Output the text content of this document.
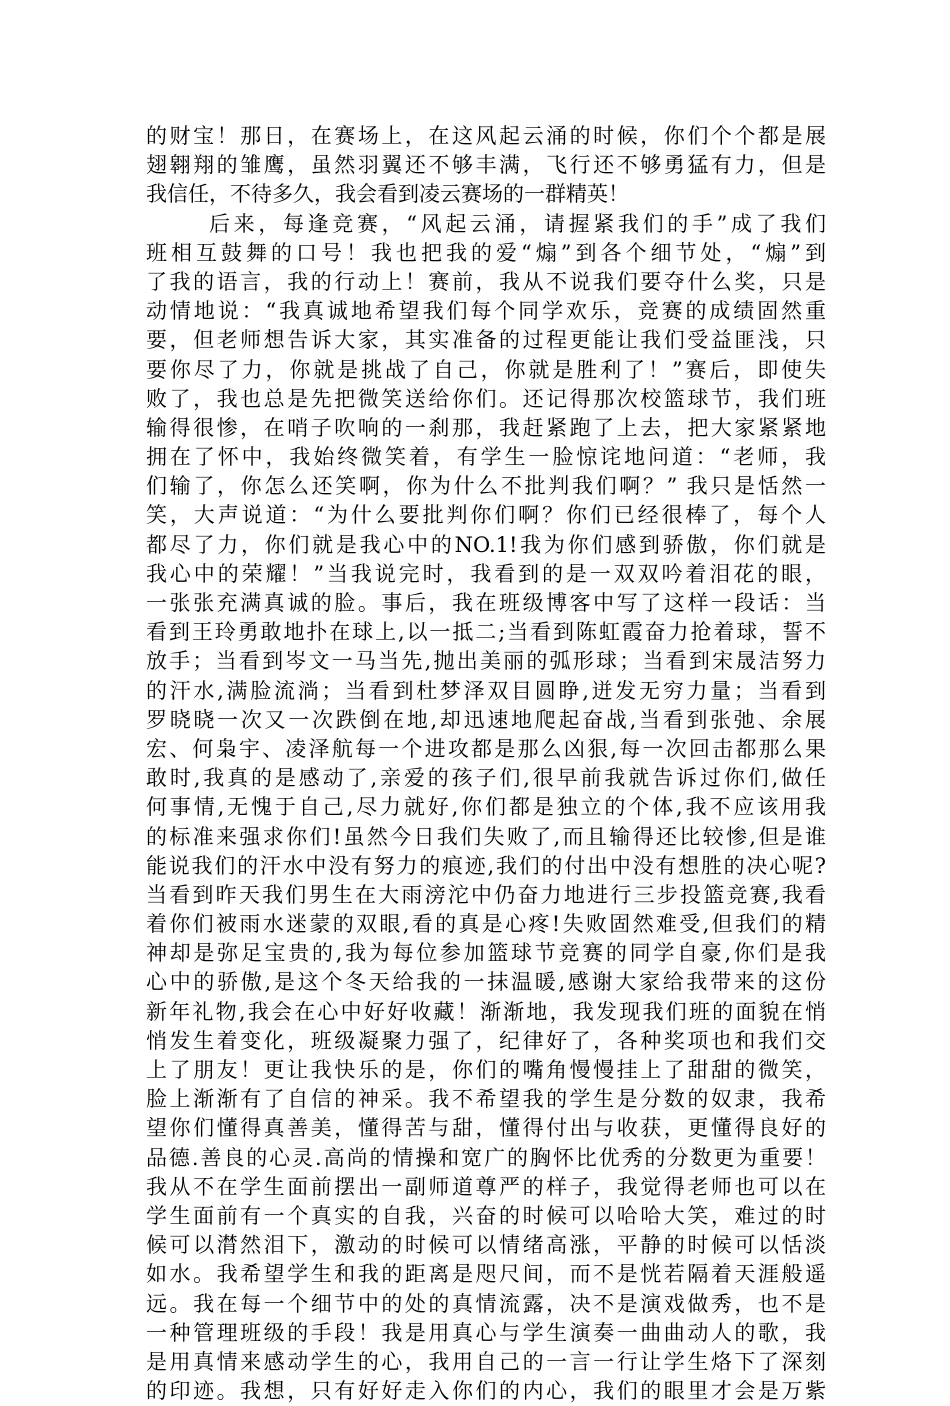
的财宝！那日，在赛场上，在这风起云涌的时候，你们个个都是展
翅翱翔的雏鹰，虽然羽翼还不够丰满，飞行还不够勇猛有力，但是
我信任，不待多久，我会看到凌云赛场的一群精英！
后来，每逢竞赛，“风起云涌，请握紧我们的手”成了我们
班相互鼓舞的口号！我也把我的爱“煽”到各个细节处，“煽”到
了我的语言，我的行动上！赛前，我从不说我们要夺什么奖，只是
动情地说：“我真诚地希望我们每个同学欢乐，竞赛的成绩固然重
要，但老师想告诉大家，其实准备的过程更能让我们受益匪浅，只
要你尽了力，你就是挑战了自己，你就是胜利了！”赛后，即使失
败了，我也总是先把微笑送给你们。还记得那次校篮球节，我们班
输得很惨，在哨子吹响的一刹那，我赶紧跑了上去，把大家紧紧地
拥在了怀中，我始终微笑着，有学生一脸惊诧地问道：“老师，我
们输了，你怎么还笑啊，你为什么不批判我们啊？” 我只是恬然一
笑，大声说道：“为什么要批判你们啊？你们已经很棒了，每个人
都尽了力，你们就是我心中的NO.1!我为你们感到骄傲，你们就是
我心中的荣耀！”当我说完时，我看到的是一双双吟着泪花的眼，
一张张充满真诚的脸。事后，我在班级博客中写了这样一段话：当
看到王玲勇敢地扑在球上,以一抵二;当看到陈虹霞奋力抢着球，誓不
放手；当看到岑文一马当先,抛出美丽的弧形球；当看到宋晟洁努力
的汗水,满脸流淌；当看到杜梦泽双目圆睁,迸发无穷力量；当看到
罗晓晓一次又一次跌倒在地,却迅速地爬起奋战,当看到张弛、余展
宏、何枭宇、凌泽航每一个进攻都是那么凶狠,每一次回击都那么果
敢时,我真的是感动了,亲爱的孩子们,很早前我就告诉过你们,做任
何事情,无愧于自己,尽力就好,你们都是独立的个体,我不应该用我
的标准来强求你们!虽然今日我们失败了,而且输得还比较惨,但是谁
能说我们的汗水中没有努力的痕迹,我们的付出中没有想胜的决心呢?
当看到昨天我们男生在大雨滂沱中仍奋力地进行三步投篮竞赛,我看
着你们被雨水迷蒙的双眼,看的真是心疼!失败固然难受,但我们的精
神却是弥足宝贵的,我为每位参加篮球节竞赛的同学自豪,你们是我
心中的骄傲,是这个冬天给我的一抹温暖,感谢大家给我带来的这份
新年礼物,我会在心中好好收藏！渐渐地，我发现我们班的面貌在悄
悄发生着变化，班级凝聚力强了，纪律好了，各种奖项也和我们交
上了朋友！更让我快乐的是，你们的嘴角慢慢挂上了甜甜的微笑，
脸上渐渐有了自信的神采。我不希望我的学生是分数的奴隶，我希
望你们懂得真善美，懂得苦与甜，懂得付出与收获，更懂得良好的
品德.善良的心灵.高尚的情操和宽广的胸怀比优秀的分数更为重要！
我从不在学生面前摆出一副师道尊严的样子，我觉得老师也可以在
学生面前有一个真实的自我，兴奋的时候可以哈哈大笑，难过的时
候可以潸然泪下，激动的时候可以情绪高涨，平静的时候可以恬淡
如水。我希望学生和我的距离是咫尺间，而不是恍若隔着天涯般遥
远。我在每一个细节中的处的真情流露，决不是演戏做秀，也不是
一种管理班级的手段！我是用真心与学生演奏一曲曲动人的歌，我
是用真情来感动学生的心，我用自己的一言一行让学生烙下了深刻
的印迹。我想，只有好好走入你们的内心，我们的眼里才会是万紫
